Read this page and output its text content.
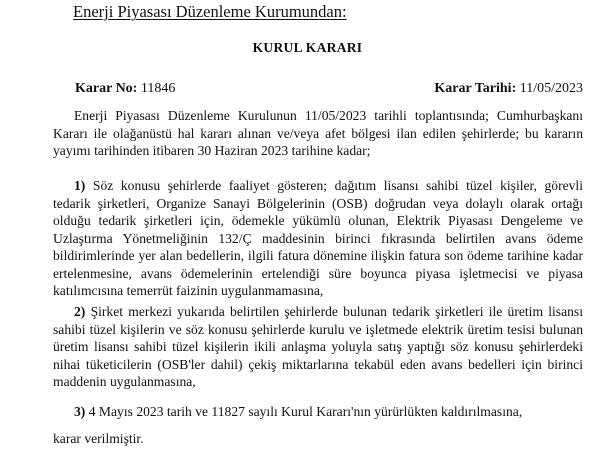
Enerji Piyasası Düzenleme Kurumundan:
KURUL KARARI
Karar No: 11846	Karar Tarihi: 11/05/2023
Enerji Piyasası Düzenleme Kurulunun 11/05/2023 tarihli toplantısında; Cumhurbaşkanı
Kararı ile olağanüstü hal kararı alınan ve/veya afet bölgesi ilan edilen şehirlerde; bu kararın
yayımı tarihinden itibaren 30 Haziran 2023 tarihine kadar;
1) Söz konusu şehirlerde faaliyet gösteren; dağıtım lisansı sahibi tüzel kişiler, görevli
tedarik şirketleri, Organize Sanayi Bölgelerinin (OSB) doğrudan veya dolaylı olarak ortağı
olduğu tedarik şirketleri için, ödemekle yükümlü olunan, Elektrik Piyasası Dengeleme ve
Uzlaştırma Yönetmeliğinin 132/Ç maddesinin birinci fıkrasında belirtilen avans ödeme
bildirimlerinde yer alan bedellerin, ilgili fatura dönemine ilişkin fatura son ödeme tarihine kadar
ertelenmesine, avans ödemelerinin ertelendiği süre boyunca piyasa işletmecisi ve piyasa
katılımcısına temerrüt faizinin uygulanmamasına,
2) Şirket merkezi yukarıda belirtilen şehirlerde bulunan tedarik şirketleri ile üretim lisansı
sahibi tüzel kişilerin ve söz konusu şehirlerde kurulu ve işletmede elektrik üretim tesisi bulunan
üretim lisansı sahibi tüzel kişilerin ikili anlaşma yoluyla satış yaptığı söz konusu şehirlerdeki
nihai tüketicilerin (OSB'ler dahil) çekiş miktarlarına tekabül eden avans bedelleri için birinci
maddenin uygulanmasına,
3) 4 Mayıs 2023 tarih ve 11827 sayılı Kurul Kararı'nın yürürlükten kaldırılmasına,
karar verilmiştir.
